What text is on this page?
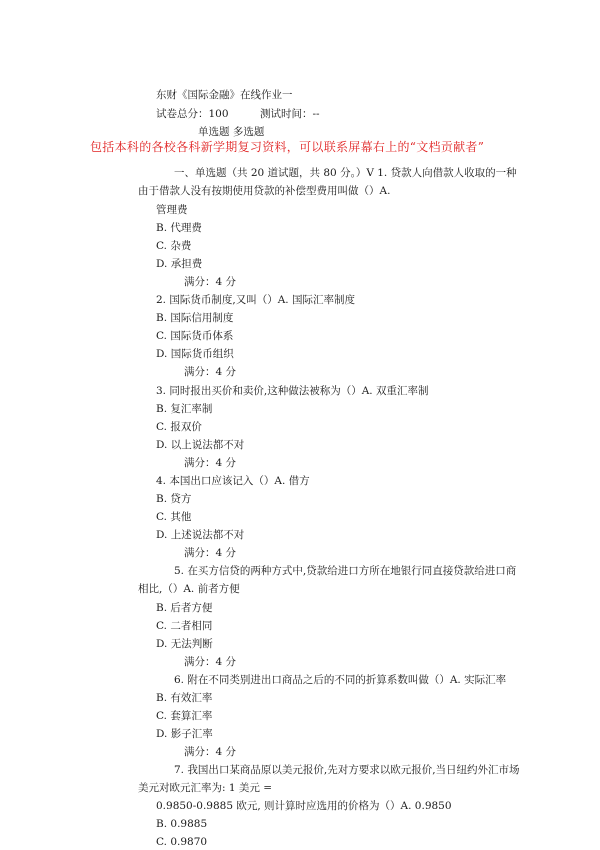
东财《国际金融》在线作业一
试卷总分：100	测试时间：--
单选题 多选题
包括本科的各校各科新学期复习资料，可以联系屏幕右上的“文档贡献者”
一、单选题（共 20 道试题，共 80 分。）V 1. 贷款人向借款人收取的一种
由于借款人没有按期使用贷款的补偿型费用叫做（）A.
管理费
B. 代理费
C. 杂费
D. 承担费
满分：4 分
2. 国际货币制度,又叫（）A. 国际汇率制度
B. 国际信用制度
C. 国际货币体系
D. 国际货币组织
满分：4 分
3. 同时报出买价和卖价,这种做法被称为（）A. 双重汇率制
B. 复汇率制
C. 报双价
D. 以上说法都不对
满分：4 分
4. 本国出口应该记入（）A. 借方
B. 贷方
C. 其他
D. 上述说法都不对
满分：4 分
5. 在买方信贷的两种方式中,贷款给进口方所在地银行同直接贷款给进口商
相比,（）A. 前者方便
B. 后者方便
C. 二者相同
D. 无法判断
满分：4 分
6. 附在不同类别进出口商品之后的不同的折算系数叫做（）A. 实际汇率
B. 有效汇率
C. 套算汇率
D. 影子汇率
满分：4 分
7. 我国出口某商品原以美元报价,先对方要求以欧元报价,当日纽约外汇市场
美元对欧元汇率为: 1 美元 =
0.9850-0.9885 欧元, 则计算时应选用的价格为（）A. 0.9850
B. 0.9885
C. 0.9870
